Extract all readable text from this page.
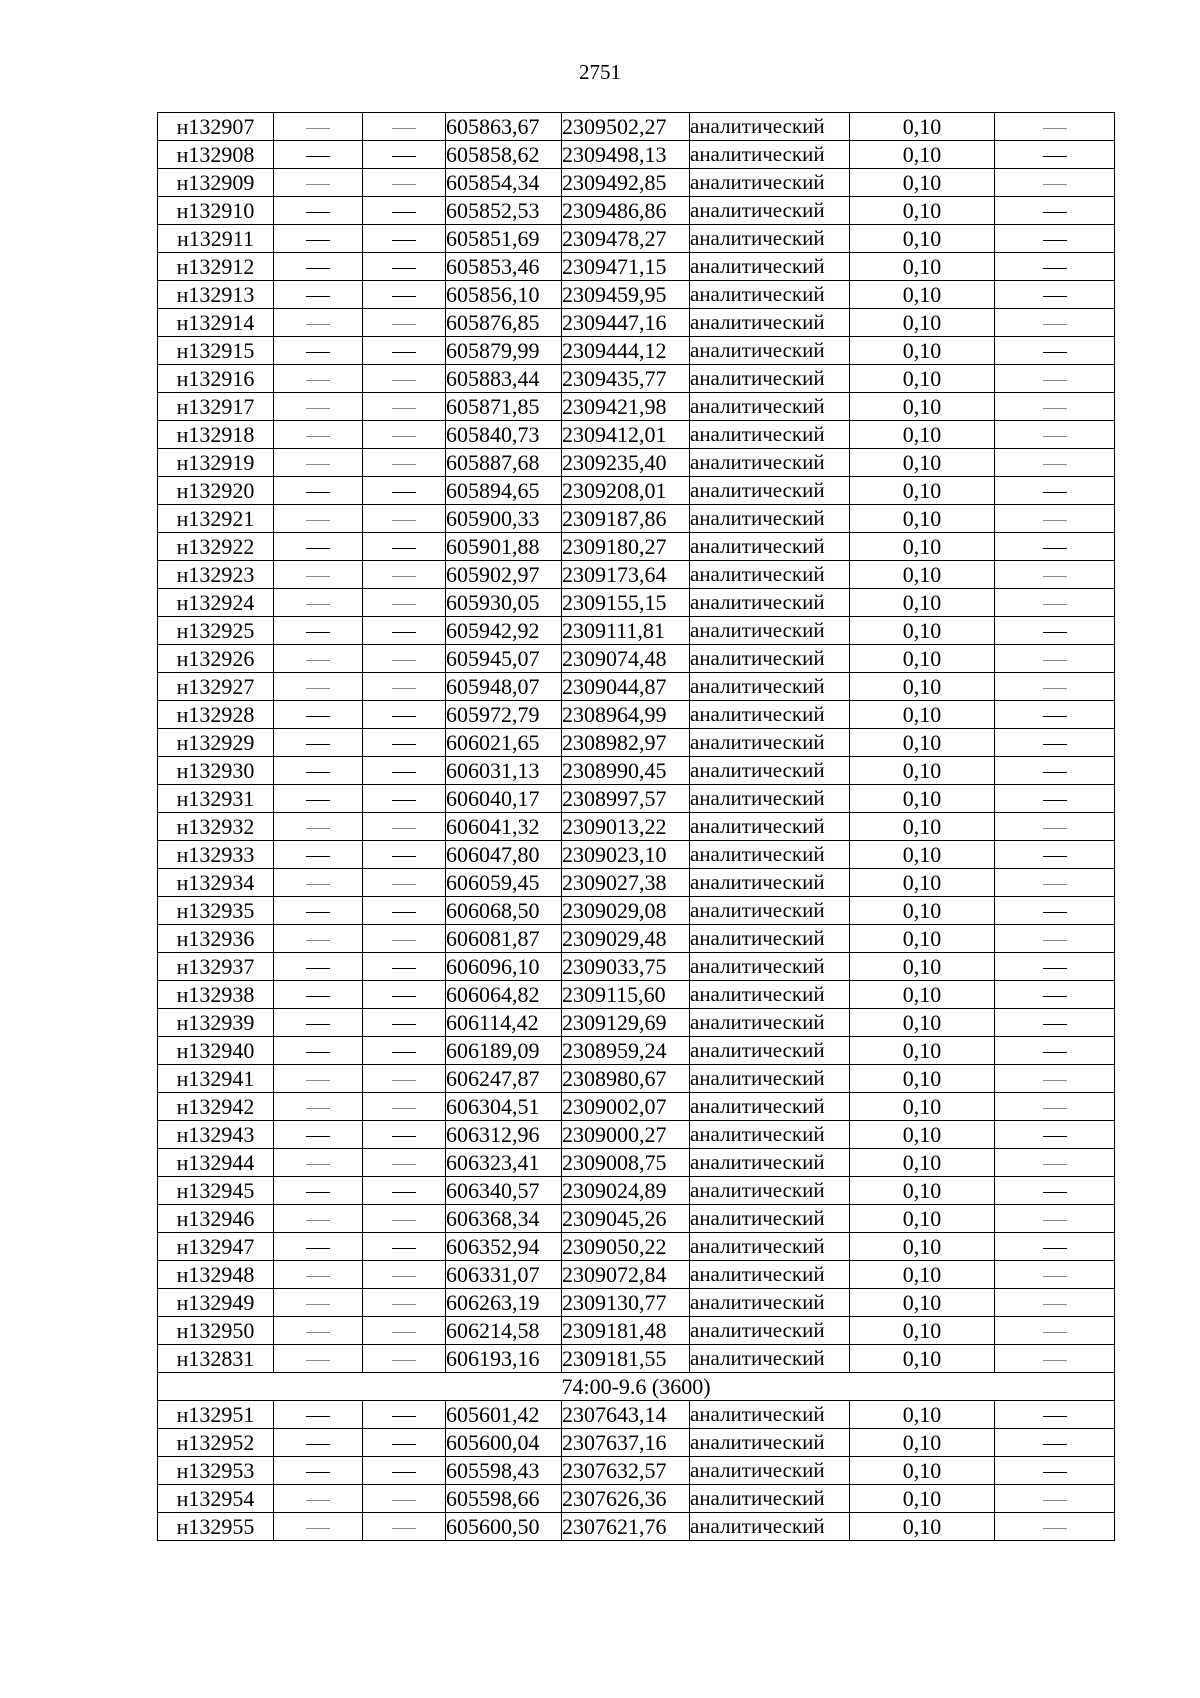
2751
н132907			605863,67	2309502,27	аналитический	0,10	
н132908			605858,62	2309498,13	аналитический	0,10	
н132909			605854,34	2309492,85	аналитический	0,10	
н132910			605852,53	2309486,86	аналитический	0,10	
н132911			605851,69	2309478,27	аналитический	0,10	
н132912			605853,46	2309471,15	аналитический	0,10	
н132913			605856,10	2309459,95	аналитический	0,10	
н132914			605876,85	2309447,16	аналитический	0,10	
н132915			605879,99	2309444,12	аналитический	0,10	
н132916			605883,44	2309435,77	аналитический	0,10	
н132917			605871,85	2309421,98	аналитический	0,10	
н132918			605840,73	2309412,01	аналитический	0,10	
н132919			605887,68	2309235,40	аналитический	0,10	
н132920			605894,65	2309208,01	аналитический	0,10	
н132921			605900,33	2309187,86	аналитический	0,10	
н132922			605901,88	2309180,27	аналитический	0,10	
н132923			605902,97	2309173,64	аналитический	0,10	
н132924			605930,05	2309155,15	аналитический	0,10	
н132925			605942,92	2309111,81	аналитический	0,10	
н132926			605945,07	2309074,48	аналитический	0,10	
н132927			605948,07	2309044,87	аналитический	0,10	
н132928			605972,79	2308964,99	аналитический	0,10	
н132929			606021,65	2308982,97	аналитический	0,10	
н132930			606031,13	2308990,45	аналитический	0,10	
н132931			606040,17	2308997,57	аналитический	0,10	
н132932			606041,32	2309013,22	аналитический	0,10	
н132933			606047,80	2309023,10	аналитический	0,10	
н132934			606059,45	2309027,38	аналитический	0,10	
н132935			606068,50	2309029,08	аналитический	0,10	
н132936			606081,87	2309029,48	аналитический	0,10	
н132937			606096,10	2309033,75	аналитический	0,10	
н132938			606064,82	2309115,60	аналитический	0,10	
н132939			606114,42	2309129,69	аналитический	0,10	
н132940			606189,09	2308959,24	аналитический	0,10	
н132941			606247,87	2308980,67	аналитический	0,10	
н132942			606304,51	2309002,07	аналитический	0,10	
н132943			606312,96	2309000,27	аналитический	0,10	
н132944			606323,41	2309008,75	аналитический	0,10	
н132945			606340,57	2309024,89	аналитический	0,10	
н132946			606368,34	2309045,26	аналитический	0,10	
н132947			606352,94	2309050,22	аналитический	0,10	
н132948			606331,07	2309072,84	аналитический	0,10	
н132949			606263,19	2309130,77	аналитический	0,10	
н132950			606214,58	2309181,48	аналитический	0,10	
н132831			606193,16	2309181,55	аналитический	0,10	
74:00-9.6 (3600)							
н132951			605601,42	2307643,14	аналитический	0,10	
н132952			605600,04	2307637,16	аналитический	0,10	
н132953			605598,43	2307632,57	аналитический	0,10	
н132954			605598,66	2307626,36	аналитический	0,10	
н132955			605600,50	2307621,76	аналитический	0,10	
